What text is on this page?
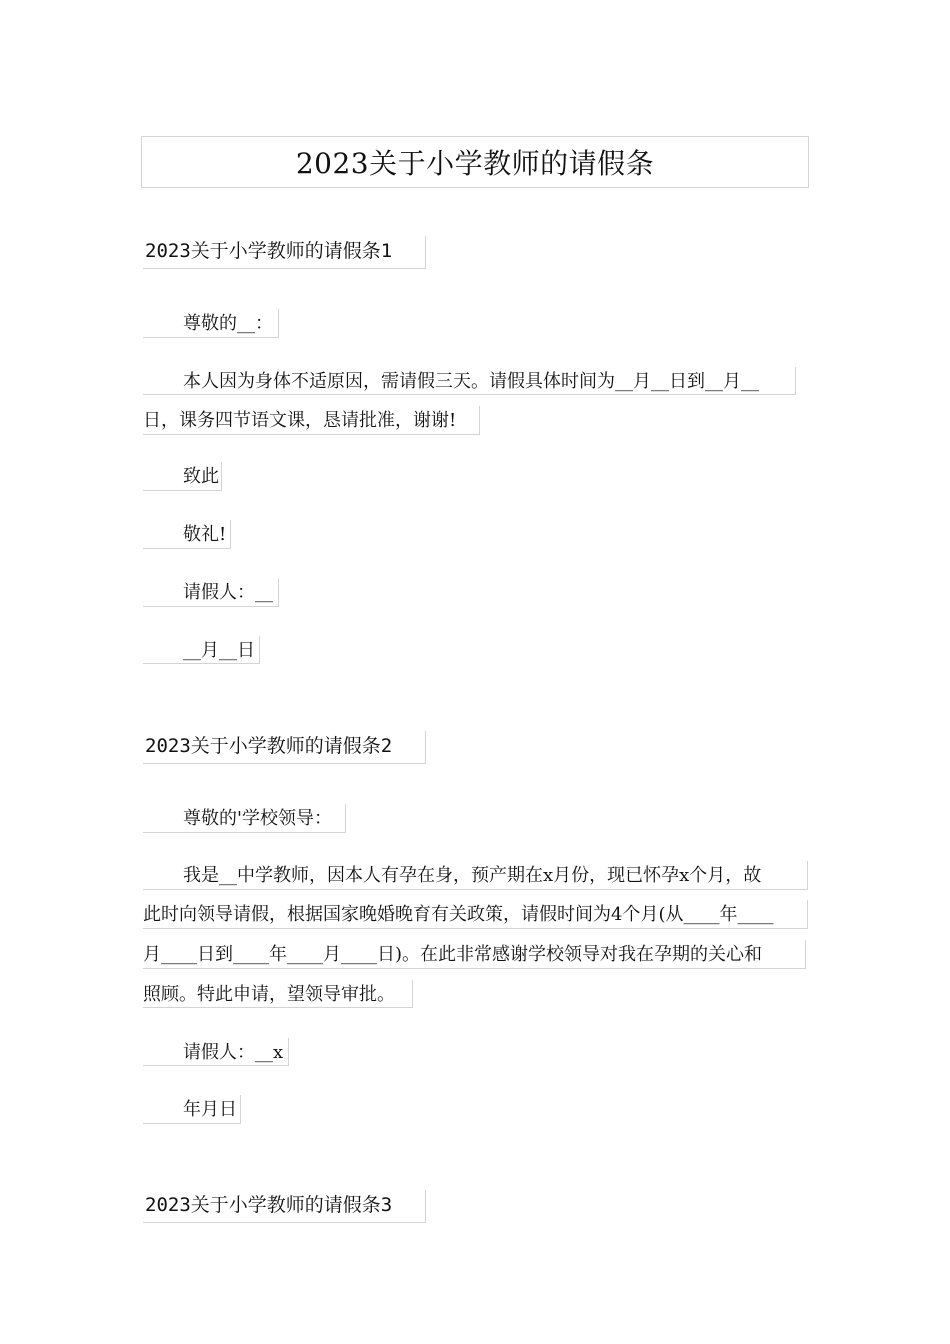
2023关于小学教师的请假条
2023关于小学教师的请假条1
尊敬的__：
本人因为身体不适原因，需请假三天。请假具体时间为__月__日到__月__
日，课务四节语文课，恳请批准，谢谢!
致此
敬礼!
请假人：__
__月__日
2023关于小学教师的请假条2
尊敬的'学校领导：
我是__中学教师，因本人有孕在身，预产期在x月份，现已怀孕x个月，故
此时向领导请假，根据国家晚婚晚育有关政策，请假时间为4个月(从____年____
月____日到____年____月____日)。在此非常感谢学校领导对我在孕期的关心和
照顾。特此申请，望领导审批。
请假人：__x
年月日
2023关于小学教师的请假条3
